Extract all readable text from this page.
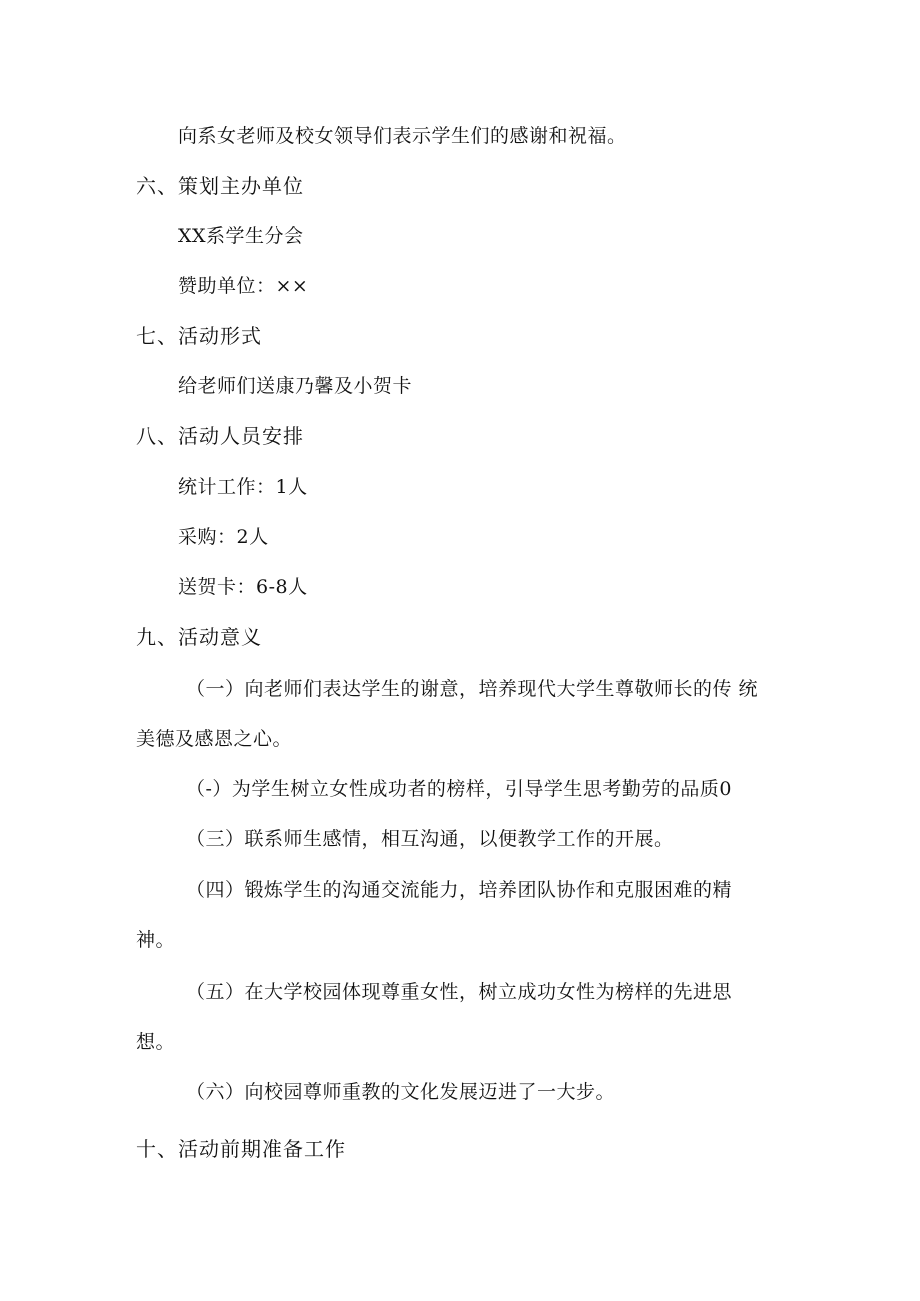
向系女老师及校女领导们表示学生们的感谢和祝福。
六、策划主办单位
XX系学生分会
赞助单位：××
七、活动形式
给老师们送康乃馨及小贺卡
八、活动人员安排
统计工作：1人
采购：2人
送贺卡：6-8人
九、活动意义
（一）向老师们表达学生的谢意，培养现代大学生尊敬师长的传 统
美德及感恩之心。
（-）为学生树立女性成功者的榜样，引导学生思考勤劳的品质0
（三）联系师生感情，相互沟通，以便教学工作的开展。
（四）锻炼学生的沟通交流能力，培养团队协作和克服困难的精
神。
（五）在大学校园体现尊重女性，树立成功女性为榜样的先进思
想。
（六）向校园尊师重教的文化发展迈进了一大步。
十、活动前期准备工作
